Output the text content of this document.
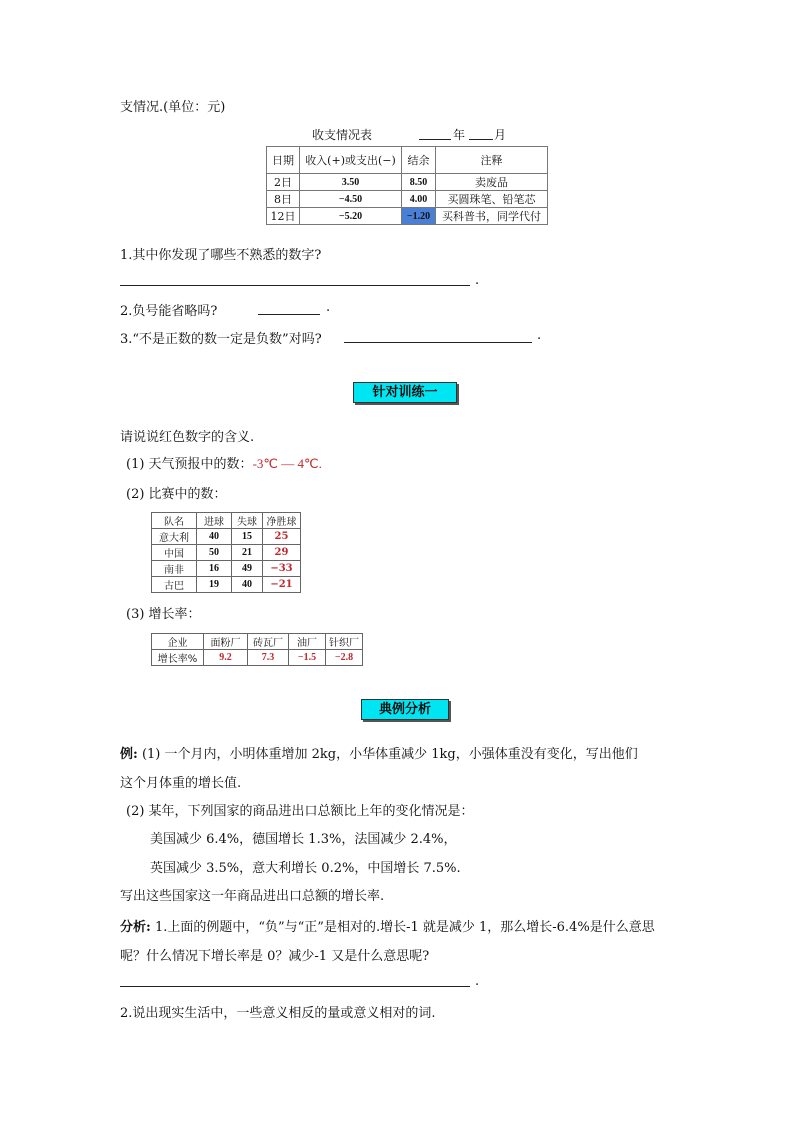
支情况.(单位：元)
收支情况表	年 月
日期	收入(+)或支出(−)	结余	注释
2日	3.50	8.50	卖废品
8日	−4.50	4.00	买圆珠笔、铅笔芯
12日	−5.20	−1.20	买科普书，同学代付
1.其中你发现了哪些不熟悉的数字?
.
2.负号能省略吗?	.
3.“不是正数的数一定是负数”对吗?	.
针对训练一
请说说红色数字的含义.
(1) 天气预报中的数：-3℃ — 4℃.
(2) 比赛中的数：
队名	进球	失球	净胜球
意大利	40	15	25
中国	50	21	29
南非	16	49	−33
古巴	19	40	−21
(3) 增长率：
企业	面粉厂	砖瓦厂	油厂	针织厂
增长率%	9.2	7.3	−1.5	−2.8
典例分析
例: (1) 一个月内，小明体重增加 2kg，小华体重减少 1kg，小强体重没有变化，写出他们
这个月体重的增长值.
(2) 某年，下列国家的商品进出口总额比上年的变化情况是：
美国减少 6.4%，德国增长 1.3%，法国减少 2.4%，
英国减少 3.5%，意大利增长 0.2%，中国增长 7.5%.
写出这些国家这一年商品进出口总额的增长率.
分析: 1.上面的例题中，“负”与“正”是相对的.增长-1 就是减少 1，那么增长-6.4%是什么意思
呢？什么情况下增长率是 0？减少-1 又是什么意思呢?
.
2.说出现实生活中，一些意义相反的量或意义相对的词.
